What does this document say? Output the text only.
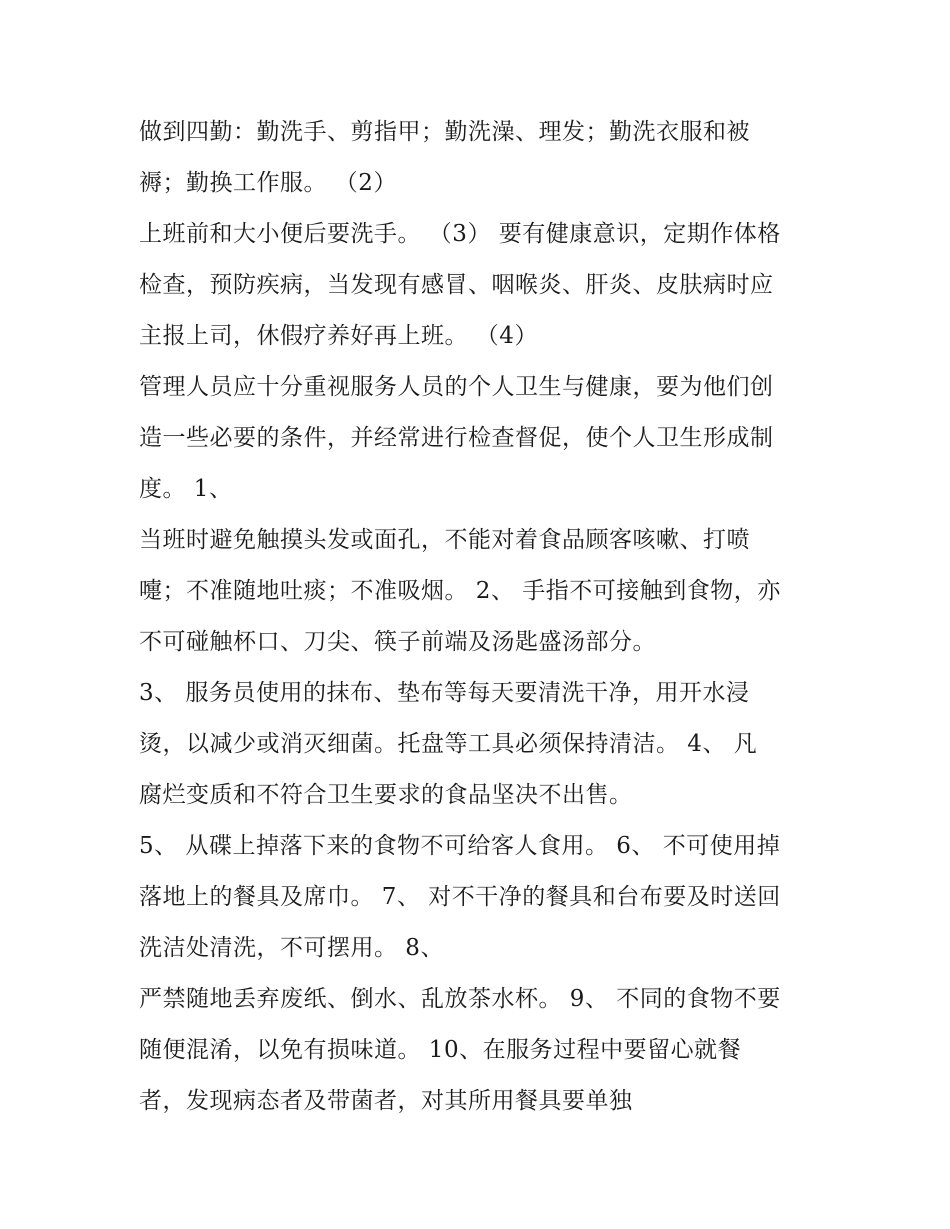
做到四勤：勤洗手、剪指甲；勤洗澡、理发；勤洗衣服和被
褥；勤换工作服。 （2）
上班前和大小便后要洗手。 （3） 要有健康意识，定期作体格
检查，预防疾病，当发现有感冒、咽喉炎、肝炎、皮肤病时应
主报上司，休假疗养好再上班。 （4）
管理人员应十分重视服务人员的个人卫生与健康，要为他们创
造一些必要的条件，并经常进行检查督促，使个人卫生形成制
度。 1、
当班时避免触摸头发或面孔，不能对着食品顾客咳嗽、打喷
嚏；不准随地吐痰；不准吸烟。 2、 手指不可接触到食物，亦
不可碰触杯口、刀尖、筷子前端及汤匙盛汤部分。
3、 服务员使用的抹布、垫布等每天要清洗干净，用开水浸
烫，以减少或消灭细菌。托盘等工具必须保持清洁。 4、 凡
腐烂变质和不符合卫生要求的食品坚决不出售。
5、 从碟上掉落下来的食物不可给客人食用。 6、 不可使用掉
落地上的餐具及席巾。 7、 对不干净的餐具和台布要及时送回
洗洁处清洗，不可摆用。 8、
严禁随地丢弃废纸、倒水、乱放茶水杯。 9、 不同的食物不要
随便混淆，以免有损味道。 10、在服务过程中要留心就餐
者，发现病态者及带菌者，对其所用餐具要单独
